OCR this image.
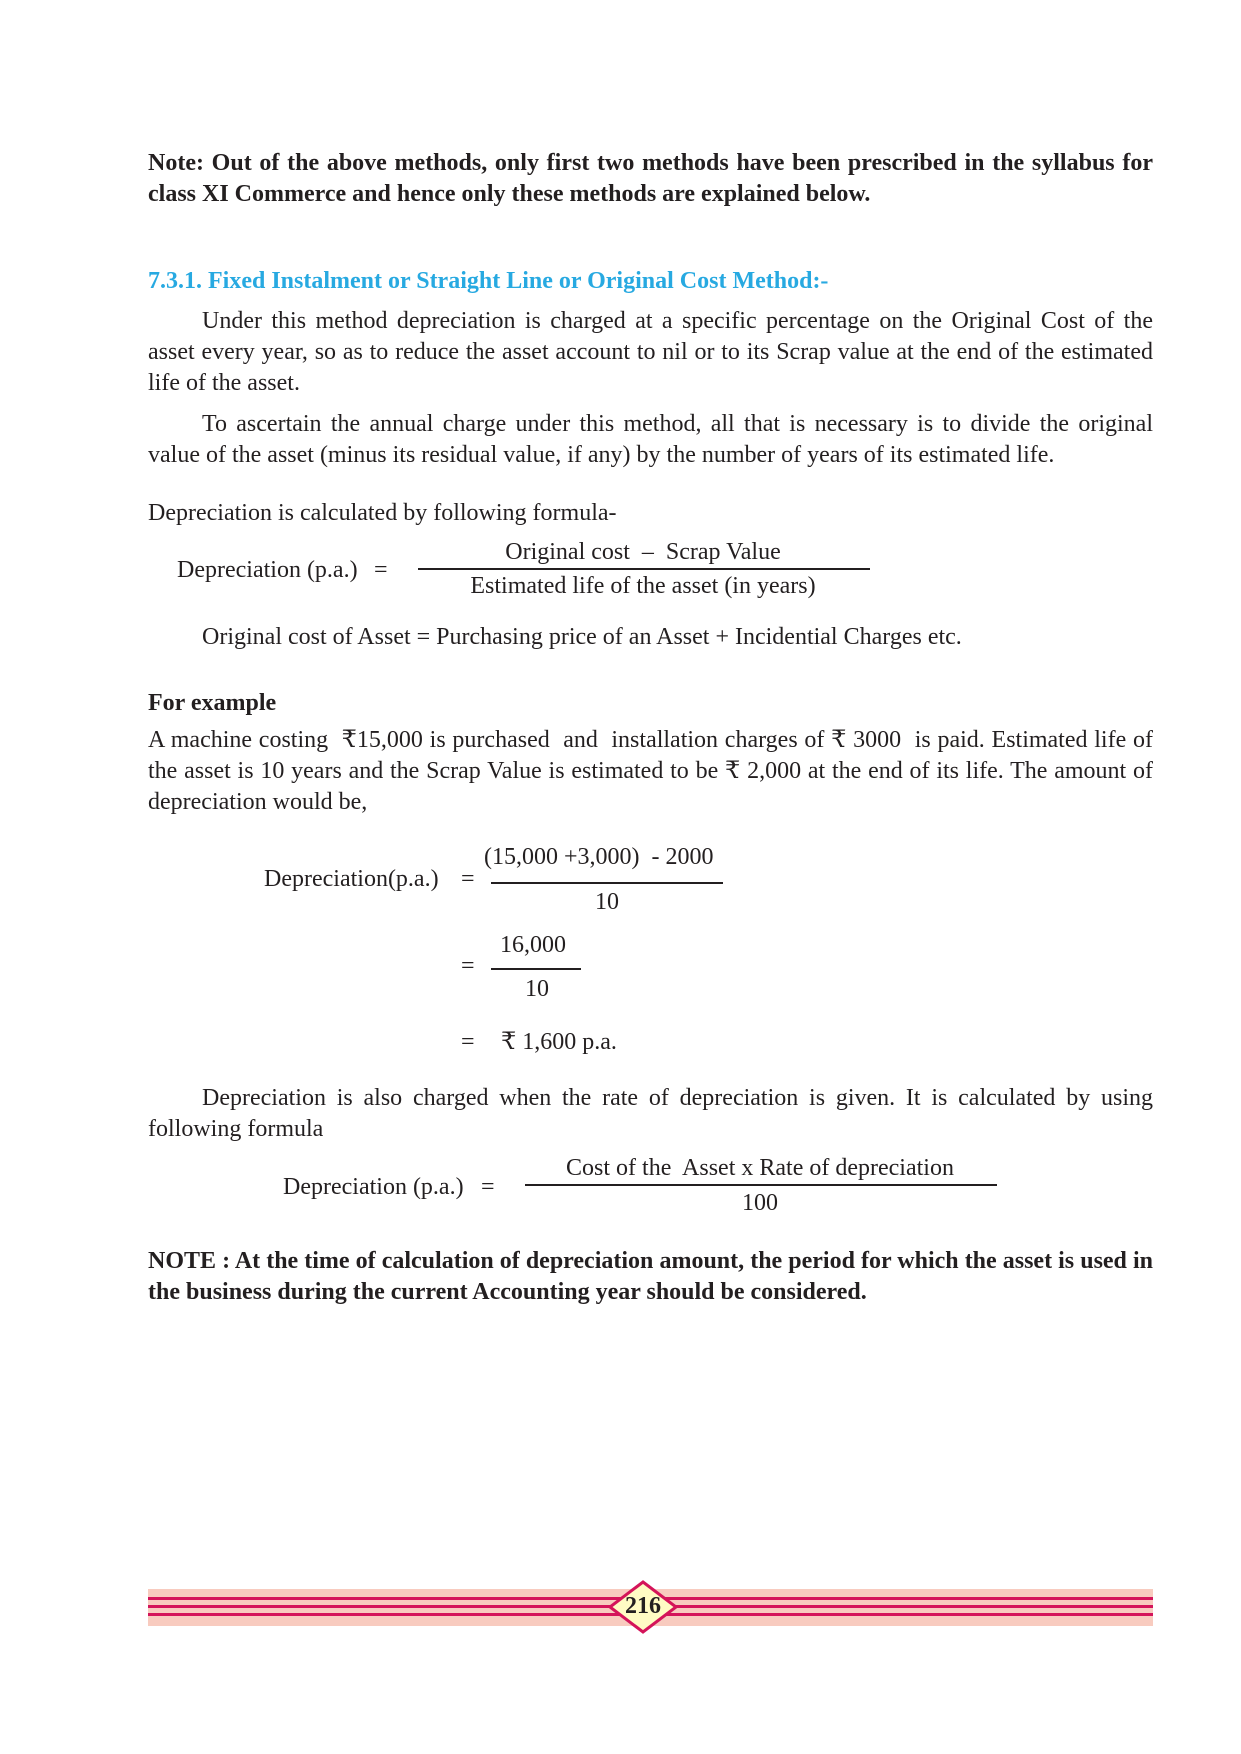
Note: Out of the above methods, only first two methods have been prescribed in the syllabus for class XI Commerce and hence only these methods are explained below.
7.3.1. Fixed Instalment or Straight Line or Original Cost Method:-
Under this method depreciation is charged at a specific percentage on the Original Cost of the asset every year, so as to reduce the asset account to nil or to its Scrap value at the end of the estimated life of the asset.
To ascertain the annual charge under this method, all that is necessary is to divide the original value of the asset (minus its residual value, if any) by the number of years of its estimated life.
Depreciation is calculated by following formula-
Depreciation (p.a.) =
Original cost  –  Scrap Value
Estimated life of the asset (in years)
Original cost of Asset = Purchasing price of an Asset + Incidential Charges etc.
For example
A machine costing  ₹15,000 is purchased  and  installation charges of ₹ 3000  is paid. Estimated life of the asset is 10 years and the Scrap Value is estimated to be ₹ 2,000 at the end of its life. The amount of depreciation would be,
Depreciation(p.a.) =
(15,000 +3,000)  - 2000
10
=
16,000
10
= ₹ 1,600 p.a.
Depreciation is also charged when the rate of depreciation is given. It is calculated by using following formula
Depreciation (p.a.) =
Cost of the  Asset x Rate of depreciation
100
NOTE : At the time of calculation of depreciation amount, the period for which the asset is used in the business during the current Accounting year should be considered.
216
